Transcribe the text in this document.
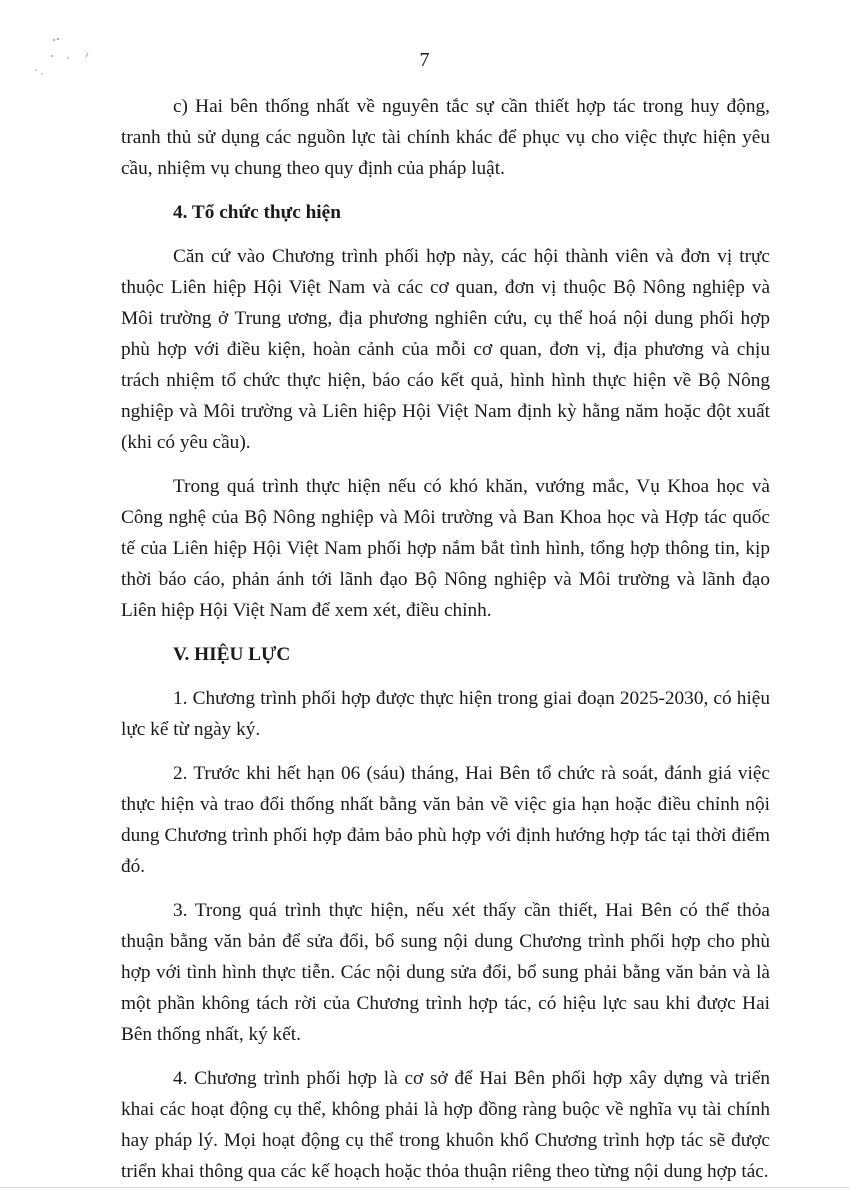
7

c) Hai bên thống nhất về nguyên tắc sự cần thiết hợp tác trong huy động, tranh thủ sử dụng các nguồn lực tài chính khác để phục vụ cho việc thực hiện yêu cầu, nhiệm vụ chung theo quy định của pháp luật.

4. Tổ chức thực hiện

Căn cứ vào Chương trình phối hợp này, các hội thành viên và đơn vị trực thuộc Liên hiệp Hội Việt Nam và các cơ quan, đơn vị thuộc Bộ Nông nghiệp và Môi trường ở Trung ương, địa phương nghiên cứu, cụ thể hoá nội dung phối hợp phù hợp với điều kiện, hoàn cảnh của mỗi cơ quan, đơn vị, địa phương và chịu trách nhiệm tổ chức thực hiện, báo cáo kết quả, hình hình thực hiện về Bộ Nông nghiệp và Môi trường và Liên hiệp Hội Việt Nam định kỳ hằng năm hoặc đột xuất (khi có yêu cầu).

Trong quá trình thực hiện nếu có khó khăn, vướng mắc, Vụ Khoa học và Công nghệ của Bộ Nông nghiệp và Môi trường và Ban Khoa học và Hợp tác quốc tế của Liên hiệp Hội Việt Nam phối hợp nắm bắt tình hình, tổng hợp thông tin, kịp thời báo cáo, phản ánh tới lãnh đạo Bộ Nông nghiệp và Môi trường và lãnh đạo Liên hiệp Hội Việt Nam để xem xét, điều chỉnh.

V. HIỆU LỰC

1. Chương trình phối hợp được thực hiện trong giai đoạn 2025-2030, có hiệu lực kể từ ngày ký.

2. Trước khi hết hạn 06 (sáu) tháng, Hai Bên tổ chức rà soát, đánh giá việc thực hiện và trao đổi thống nhất bằng văn bản về việc gia hạn hoặc điều chỉnh nội dung Chương trình phối hợp đảm bảo phù hợp với định hướng hợp tác tại thời điểm đó.

3. Trong quá trình thực hiện, nếu xét thấy cần thiết, Hai Bên có thể thỏa thuận bằng văn bản để sửa đổi, bổ sung nội dung Chương trình phối hợp cho phù hợp với tình hình thực tiễn. Các nội dung sửa đổi, bổ sung phải bằng văn bản và là một phần không tách rời của Chương trình hợp tác, có hiệu lực sau khi được Hai Bên thống nhất, ký kết.

4. Chương trình phối hợp là cơ sở để Hai Bên phối hợp xây dựng và triển khai các hoạt động cụ thể, không phải là hợp đồng ràng buộc về nghĩa vụ tài chính hay pháp lý. Mọi hoạt động cụ thể trong khuôn khổ Chương trình hợp tác sẽ được triển khai thông qua các kế hoạch hoặc thỏa thuận riêng theo từng nội dung hợp tác.
